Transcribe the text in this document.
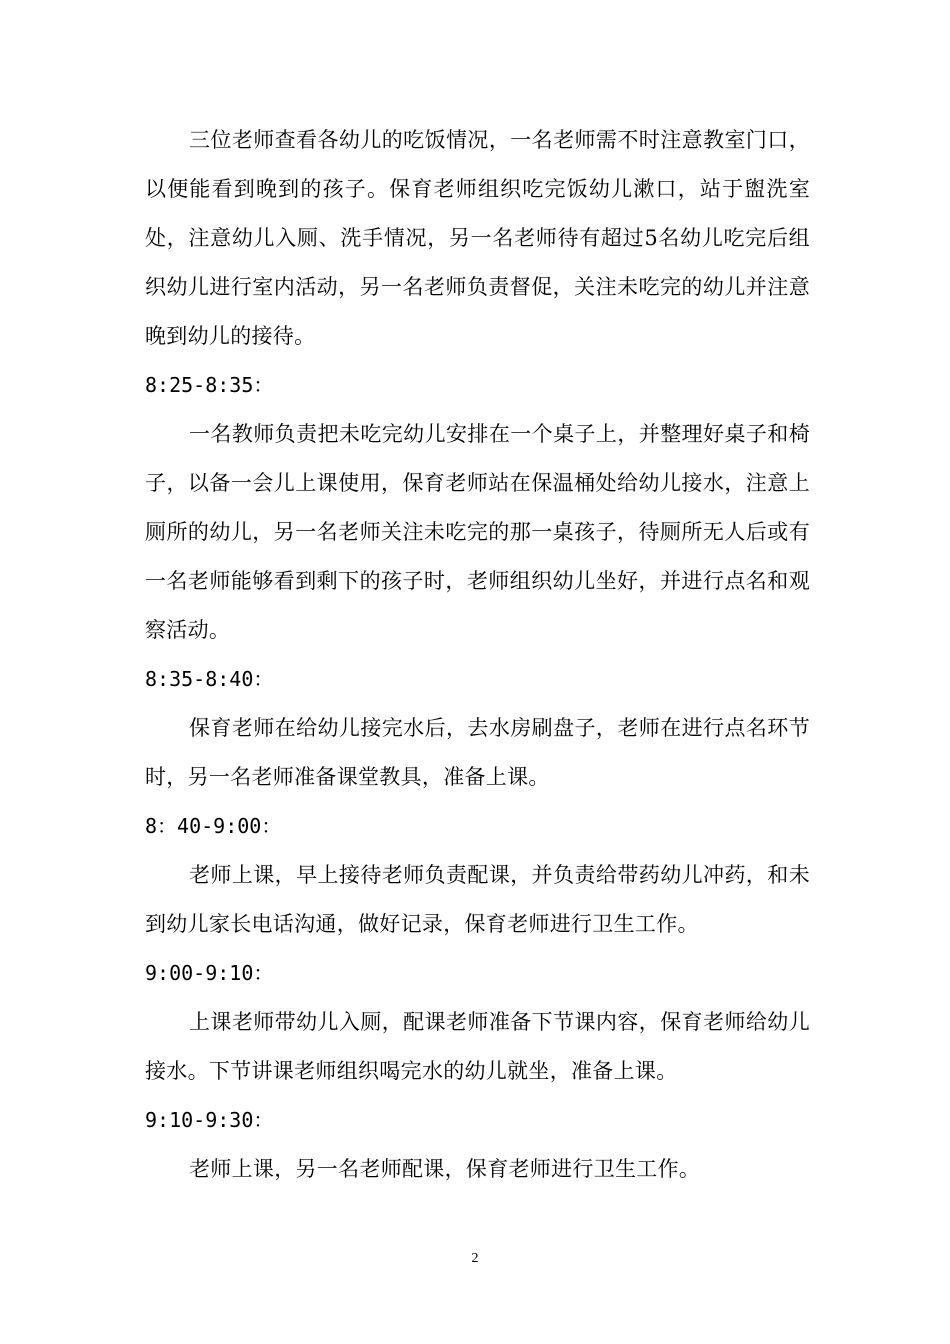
三位老师查看各幼儿的吃饭情况，一名老师需不时注意教室门口，以便能看到晚到的孩子。保育老师组织吃完饭幼儿漱口，站于盥洗室处，注意幼儿入厕、洗手情况，另一名老师待有超过5名幼儿吃完后组织幼儿进行室内活动，另一名老师负责督促，关注未吃完的幼儿并注意晚到幼儿的接待。

8:25-8:35：

一名教师负责把未吃完幼儿安排在一个桌子上，并整理好桌子和椅子，以备一会儿上课使用，保育老师站在保温桶处给幼儿接水，注意上厕所的幼儿，另一名老师关注未吃完的那一桌孩子，待厕所无人后或有一名老师能够看到剩下的孩子时，老师组织幼儿坐好，并进行点名和观察活动。

8:35-8:40：

保育老师在给幼儿接完水后，去水房刷盘子，老师在进行点名环节时，另一名老师准备课堂教具，准备上课。

8：40-9:00：

老师上课，早上接待老师负责配课，并负责给带药幼儿冲药，和未到幼儿家长电话沟通，做好记录，保育老师进行卫生工作。

9:00-9:10：

上课老师带幼儿入厕，配课老师准备下节课内容，保育老师给幼儿接水。下节讲课老师组织喝完水的幼儿就坐，准备上课。

9:10-9:30：

老师上课，另一名老师配课，保育老师进行卫生工作。

2
